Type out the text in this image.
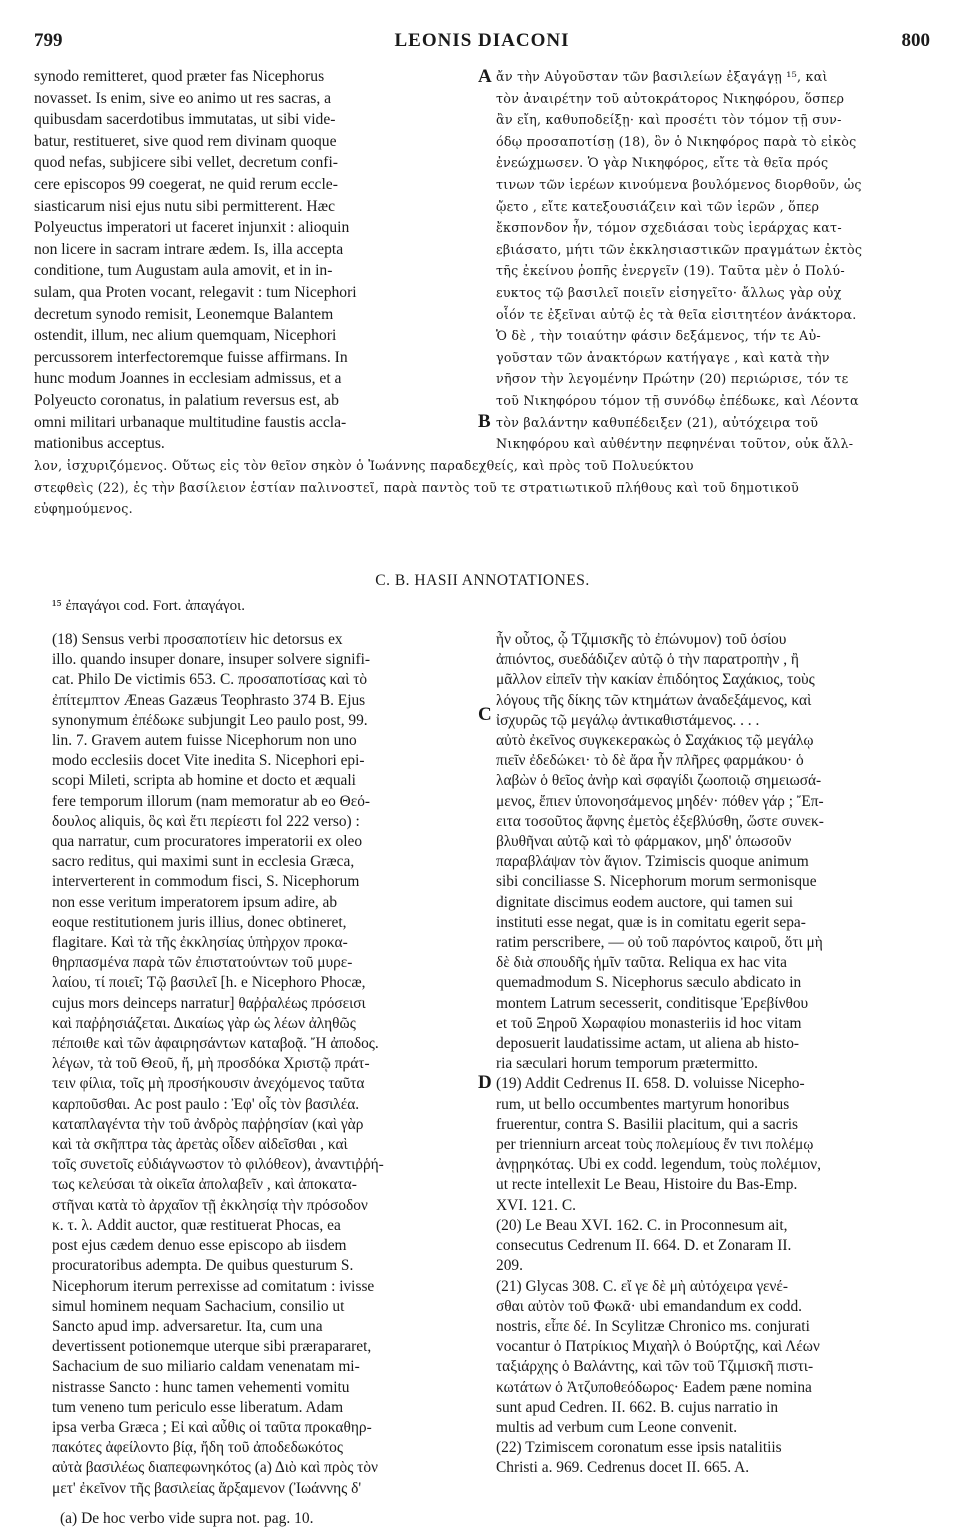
799	LEONIS DIACONI	800
synodo remitteret, quod præter fas Nicephorus
novasset. Is enim, sive eo animo ut res sacras, a
quibusdam sacerdotibus immutatas, ut sibi vide-
batur, restitueret, sive quod rem divinam quoque
quod nefas, subjicere sibi vellet, decretum confi-
cere episcopos 99 coegerat, ne quid rerum eccle-
siasticarum nisi ejus nutu sibi permitterent. Hæc
Polyeuctus imperatori ut faceret injunxit : alioquin
non licere in sacram intrare ædem. Is, illa accepta
conditione, tum Augustam aula amovit, et in in-
sulam, qua Proten vocant, relegavit : tum Nicephori
decretum synodo remisit, Leonemque Balantem
ostendit, illum, nec alium quemquam, Nicephori
percussorem interfectoremque fuisse affirmans. In
hunc modum Joannes in ecclesiam admissus, et a
Polyeucto coronatus, in palatium reversus est, ab
omni militari urbanaque multitudine faustis accla-
mationibus acceptus.
A ἄν τὴν Αὐγοῦσταν τῶν βασιλείων ἐξαγάγῃ ¹⁵, καὶ
τὸν ἀναιρέτην τοῦ αὐτοκράτορος Νικηφόρου, ὅσπερ
ἂν εἴη, καθυποδείξῃ· καὶ προσέτι τὸν τόμον τῇ συν-
όδῳ προσαποτίσῃ (18), ὃν ὁ Νικηφόρος παρὰ τὸ εἰκὸς
ἐνεώχμωσεν. Ὁ γὰρ Νικηφόρος, εἴτε τὰ θεῖα πρός
τινων τῶν ἱερέων κινούμενα βουλόμενος διορθοῦν, ὡς
ᾤετο , εἴτε κατεξουσιάζειν καὶ τῶν ἱερῶν , ὅπερ
ἔκσπονδον ἦν, τόμον σχεδιάσαι τοὺς ἱεράρχας κατ-
εβιάσατο, μήτι τῶν ἐκκλησιαστικῶν πραγμάτων ἐκτὸς
τῆς ἐκείνου ῥοπῆς ἐνεργεῖν (19). Ταῦτα μὲν ὁ Πολύ-
ευκτος τῷ βασιλεῖ ποιεῖν εἰσηγεῖτο· ἄλλως γὰρ οὐχ
οἷόν τε ἐξεῖναι αὐτῷ ἐς τὰ θεῖα εἰσιτητέον ἀνάκτορα.
Ὁ δὲ , τὴν τοιαύτην φάσιν δεξάμενος, τήν τε Αὐ-
γοῦσταν τῶν ἀνακτόρων κατήγαγε , καὶ κατὰ τὴν
νῆσον τὴν λεγομένην Πρώτην (20) περιώρισε, τόν τε
τοῦ Νικηφόρου τόμον τῇ συνόδῳ ἐπέδωκε, καὶ Λέοντα
τὸν βαλάντην καθυπέδειξεν (21), αὐτόχειρα τοῦ
Νικηφόρου καὶ αὐθέντην πεφηνέναι τοῦτον, οὐκ ἄλλ-
B
λον, ἰσχυριζόμενος. Οὕτως εἰς τὸν θεῖον σηκὸν ὁ Ἰωάννης παραδεχθείς, καὶ πρὸς τοῦ Πολυεύκτου
στεφθεὶς (22), ἐς τὴν βασίλειον ἑστίαν παλινοστεῖ, παρὰ παντὸς τοῦ τε στρατιωτικοῦ πλήθους καὶ τοῦ δημοτικοῦ
εὐφημούμενος.
C. B. HASII ANNOTATIONES.
¹⁵ ἐπαγάγοι cod. Fort. ἀπαγάγοι.
(18) Sensus verbi προσαποτίειν hic detorsus ex
illo. quando insuper donare, insuper solvere signifi-
cat. Philo De victimis 653. C. προσαποτίσας καὶ τὸ
ἐπίτεμπτον Æneas Gazæus Teophrasto 374 B. Ejus
synonymum ἐπέδωκε subjungit Leo paulo post, 99.
lin. 7. Gravem autem fuisse Nicephorum non uno
modo ecclesiis docet Vite inedita S. Nicephori epi-
scopi Mileti, scripta ab homine et docto et æquali
fere temporum illorum (nam memoratur ab eo Θεό-
δουλος aliquis, ὃς καὶ ἔτι περίεστι fol 222 verso) :
qua narratur, cum procuratores imperatorii ex oleo
sacro reditus, qui maximi sunt in ecclesia Græca,
interverterent in commodum fisci, S. Nicephorum
non esse veritum imperatorem ipsum adire, ab
eoque restitutionem juris illius, donec obtineret,
flagitare. Καὶ τὰ τῆς ἐκκλησίας ὑπὴρχον προκα-
θηρπασμένα παρὰ τῶν ἐπιστατούντων τοῦ μυρε-
λαίου, τί ποιεῖ; Τῷ βασιλεῖ [h. e Nicephoro Phocæ,
cujus mors deinceps narratur] θαῤῥαλέως πρόσεισι
καὶ παῤῥησιάζεται. Δικαίως γὰρ ὡς λέων ἀληθῶς
πέποιθε καὶ τῶν ἀφαιρησάντων καταβοᾷ. Ἤ ἀποδος.
λέγων, τὰ τοῦ Θεοῦ, ἤ, μὴ προσδόκα Χριστῷ πράτ-
τειν φίλια, τοῖς μὴ προσήκουσιν ἀνεχόμενος ταῦτα
καρποῦσθαι. Ac post paulo : Ἐφ' οἷς τὸν βασιλέα.
καταπλαγέντα τὴν τοῦ ἀνδρὸς παῤῥησίαν (καὶ γὰρ
καὶ τὰ σκῆπτρα τὰς ἀρετὰς οἶδεν αἰδεῖσθαι , καὶ
τοῖς συνετοῖς εὐδιάγνωστον τὸ φιλόθεον), ἀναντιῤῥή-
τως κελεύσαι τὰ οἰκεῖα ἀπολαβεῖν , καὶ ἀποκατα-
στῆναι κατὰ τὸ ἀρχαῖον τῇ ἐκκλησίᾳ τὴν πρόσοδον
κ. τ. λ. Addit auctor, quæ restituerat Phocas, ea
post ejus cædem denuo esse episcopo ab iisdem
procuratoribus adempta. De quibus questurum S.
Nicephorum iterum perrexisse ad comitatum : ivisse
simul hominem nequam Sachacium, consilio ut
Sancto apud imp. adversaretur. Ita, cum una
devertissent potionemque uterque sibi prærapararet,
Sachacium de suo miliario caldam venenatam mi-
nistrasse Sancto : hunc tamen vehementi vomitu
tum veneno tum periculo esse liberatum. Adam
ipsa verba Græca ; Εἰ καὶ αὖθις οἱ ταῦτα προκαθηρ-
πακότες ἀφείλοντο βίᾳ, ἤδη τοῦ ἀποδεδωκότος
αὐτὰ βασιλέως διαπεφωνηκότος (a) Διὸ καὶ πρὸς τὸν
μετ' ἐκεῖνον τῆς βασιλείας ἄρξαμενον (Ἰωάννης δ'
C
ἦν οὗτος, ᾧ Τζιμισκῆς τὸ ἐπώνυμον) τοῦ ὁσίου
ἀπιόντος, συεδάδιζεν αὐτῷ ὁ τὴν παρατροπὴν , ἢ
μᾶλλον εἰπεῖν τὴν κακίαν ἐπιδόητος Σαχάκιος, τοὺς
λόγους τῆς δίκης τῶν κτημάτων ἀναδεξάμενος, καὶ
ἰσχυρῶς τῷ μεγάλῳ ἀντικαθιστάμενος. . . .
αὐτὸ ἐκεῖνος συγκεκερακὼς ὁ Σαχάκιος τῷ μεγάλῳ
πιεῖν ἐδεδώκει· τὸ δὲ ἄρα ἦν πλῆρες φαρμάκου· ὁ
λαβὼν ὁ θεῖος ἀνὴρ καὶ σφαγίδι ζωοποιῷ σημειωσά-
μενος, ἔπιεν ὑπονοησάμενος μηδέν· πόθεν γάρ ; Ἔπ-
ειτα τοσοῦτος ἄφνης ἐμετὸς ἐξεβλύσθη, ὥστε συνεκ-
βλυθῆναι αὐτῷ καὶ τὸ φάρμακον, μηδ' ὁπωσοῦν
παραβλάψαν τὸν ἅγιον. Tzimiscis quoque animum
sibi conciliasse S. Nicephorum morum sermonisque
dignitate discimus eodem auctore, qui tamen sui
instituti esse negat, quæ is in comitatu egerit sepa-
ratim perscribere, — οὐ τοῦ παρόντος καιροῦ, ὅτι μὴ
δὲ διὰ σπουδῆς ἡμῖν ταῦτα. Reliqua ex hac vita
quemadmodum S. Nicephorus sæculo abdicato in
montem Latrum secesserit, conditisque Ἐρεβίνθου
et τοῦ Ξηροῦ Χωραφίου monasteriis id hoc vitam
deposuerit laudatissime actam, ut aliena ab histo-
ria sæculari horum temporum prætermitto.
(19) Addit Cedrenus II. 658. D. voluisse Nicepho-
rum, ut bello occumbentes martyrum honoribus
fruerentur, contra S. Basilii placitum, qui a sacris
per trienniurn arceat τοὺς πολεμίους ἔν τινι πολέμῳ
ἀνῃρηκότας. Ubi ex codd. legendum, τοὺς πολέμιον,
ut recte intellexit Le Beau, Histoire du Bas-Emp.
XVI. 121. C.
(20) Le Beau XVI. 162. C. in Proconnesum ait,
consecutus Cedrenum II. 664. D. et Zonaram II.
209.
(21) Glycas 308. C. εἴ γε δὲ μὴ αὐτόχειρα γενέ-
σθαι αὐτὸν τοῦ Φωκᾶ· ubi emandandum ex codd.
nostris, εἶπε δέ. In Scylitzæ Chronico ms. conjurati
vocantur ὁ Πατρίκιος Μιχαὴλ ὁ Βούρτζης, καὶ Λέων
ταξιάρχης ὁ Βαλάντης, καὶ τῶν τοῦ Τζιμισκῆ πιστι-
κωτάτων ὁ Ἀτζυποθεόδωρος· Eadem pæne nomina
sunt apud Cedren. II. 662. B. cujus narratio in
multis ad verbum cum Leone convenit.
(22) Tzimiscem coronatum esse ipsis natalitiis
Christi a. 969. Cedrenus docet II. 665. A.
D
(a) De hoc verbo vide supra not. pag. 10.
